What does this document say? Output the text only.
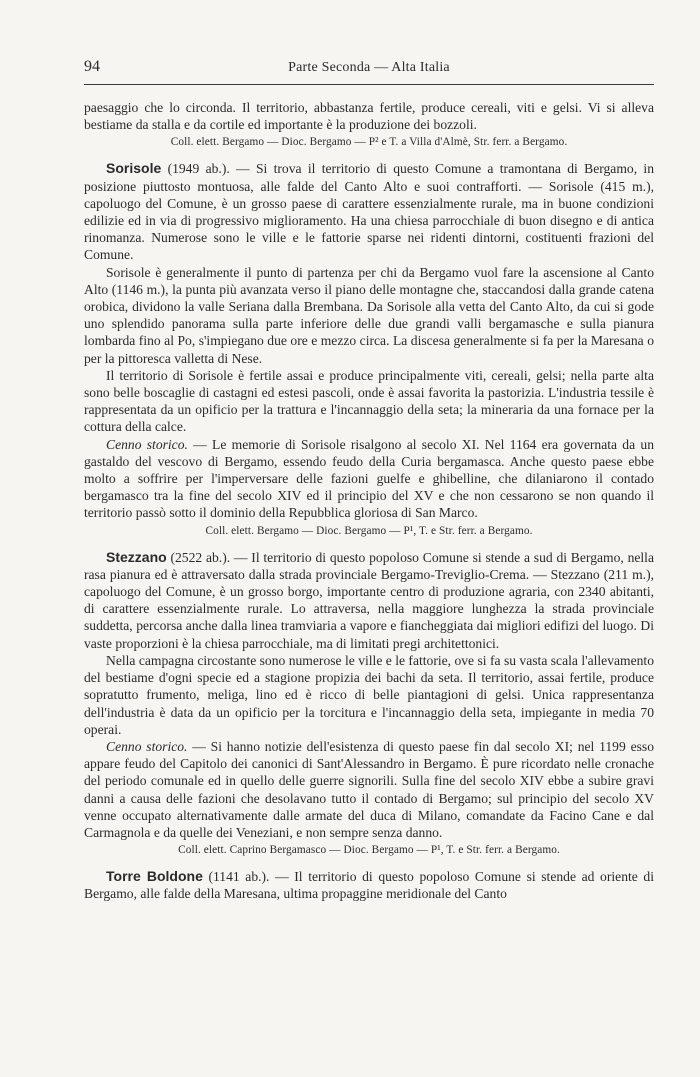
94	Parte Seconda — Alta Italia

paesaggio che lo circonda. Il territorio, abbastanza fertile, produce cereali, viti e gelsi. Vi si alleva bestiame da stalla e da cortile ed importante è la produzione dei bozzoli.

Coll. elett. Bergamo — Dioc. Bergamo — P² e T. a Villa d'Almè, Str. ferr. a Bergamo.

Sorisole (1949 ab.). — Si trova il territorio di questo Comune a tramontana di Bergamo, in posizione piuttosto montuosa, alle falde del Canto Alto e suoi contrafforti. — Sorisole (415 m.), capoluogo del Comune, è un grosso paese di carattere essenzialmente rurale, ma in buone condizioni edilizie ed in via di progressivo miglioramento. Ha una chiesa parrocchiale di buon disegno e di antica rinomanza. Numerose sono le ville e le fattorie sparse nei ridenti dintorni, costituenti frazioni del Comune.

Sorisole è generalmente il punto di partenza per chi da Bergamo vuol fare la ascensione al Canto Alto (1146 m.), la punta più avanzata verso il piano delle montagne che, staccandosi dalla grande catena orobica, dividono la valle Seriana dalla Brembana. Da Sorisole alla vetta del Canto Alto, da cui si gode uno splendido panorama sulla parte inferiore delle due grandi valli bergamasche e sulla pianura lombarda fino al Po, s'impiegano due ore e mezzo circa. La discesa generalmente si fa per la Maresana o per la pittoresca valletta di Nese.

Il territorio di Sorisole è fertile assai e produce principalmente viti, cereali, gelsi; nella parte alta sono belle boscaglie di castagni ed estesi pascoli, onde è assai favorita la pastorizia. L'industria tessile è rappresentata da un opificio per la trattura e l'incannaggio della seta; la mineraria da una fornace per la cottura della calce.

Cenno storico. — Le memorie di Sorisole risalgono al secolo XI. Nel 1164 era governata da un gastaldo del vescovo di Bergamo, essendo feudo della Curia bergamasca. Anche questo paese ebbe molto a soffrire per l'imperversare delle fazioni guelfe e ghibelline, che dilaniarono il contado bergamasco tra la fine del secolo XIV ed il principio del XV e che non cessarono se non quando il territorio passò sotto il dominio della Repubblica gloriosa di San Marco.

Coll. elett. Bergamo — Dioc. Bergamo — P¹, T. e Str. ferr. a Bergamo.

Stezzano (2522 ab.). — Il territorio di questo popoloso Comune si stende a sud di Bergamo, nella rasa pianura ed è attraversato dalla strada provinciale Bergamo-Treviglio-Crema. — Stezzano (211 m.), capoluogo del Comune, è un grosso borgo, importante centro di produzione agraria, con 2340 abitanti, di carattere essenzialmente rurale. Lo attraversa, nella maggiore lunghezza la strada provinciale suddetta, percorsa anche dalla linea tramviaria a vapore e fiancheggiata dai migliori edifizi del luogo. Di vaste proporzioni è la chiesa parrocchiale, ma di limitati pregi architettonici.

Nella campagna circostante sono numerose le ville e le fattorie, ove si fa su vasta scala l'allevamento del bestiame d'ogni specie ed a stagione propizia dei bachi da seta. Il territorio, assai fertile, produce sopratutto frumento, meliga, lino ed è ricco di belle piantagioni di gelsi. Unica rappresentanza dell'industria è data da un opificio per la torcitura e l'incannaggio della seta, impiegante in media 70 operai.

Cenno storico. — Si hanno notizie dell'esistenza di questo paese fin dal secolo XI; nel 1199 esso appare feudo del Capitolo dei canonici di Sant'Alessandro in Bergamo. È pure ricordato nelle cronache del periodo comunale ed in quello delle guerre signorili. Sulla fine del secolo XIV ebbe a subire gravi danni a causa delle fazioni che desolavano tutto il contado di Bergamo; sul principio del secolo XV venne occupato alternativamente dalle armate del duca di Milano, comandate da Facino Cane e dal Carmagnola e da quelle dei Veneziani, e non sempre senza danno.

Coll. elett. Caprino Bergamasco — Dioc. Bergamo — P¹, T. e Str. ferr. a Bergamo.

Torre Boldone (1141 ab.). — Il territorio di questo popoloso Comune si stende ad oriente di Bergamo, alle falde della Maresana, ultima propaggine meridionale del Canto
